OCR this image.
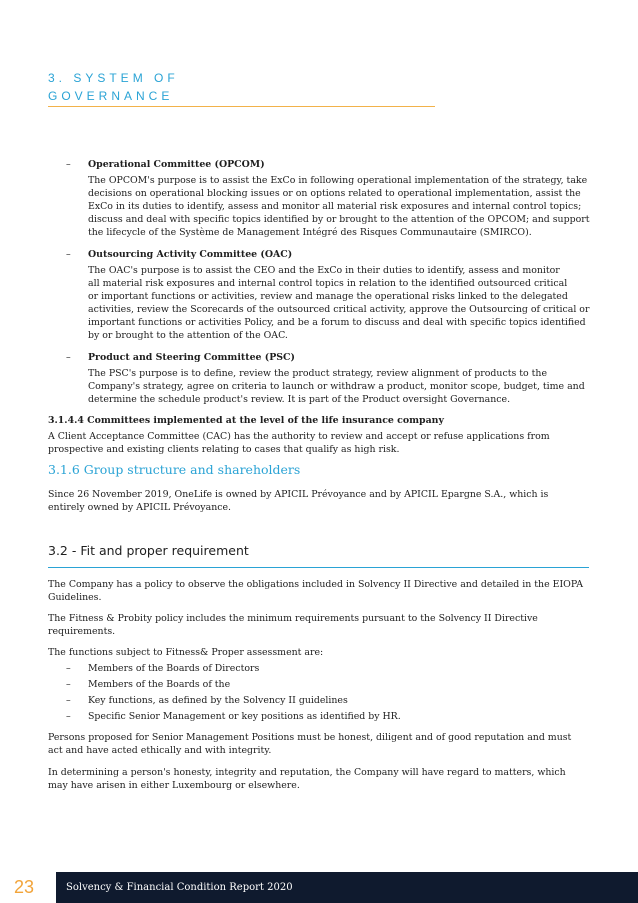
3. SYSTEM OF
GOVERNANCE
– Operational Committee (OPCOM)
The OPCOM's purpose is to assist the ExCo in following operational implementation of the strategy, take
decisions on operational blocking issues or on options related to operational implementation, assist the
ExCo in its duties to identify, assess and monitor all material risk exposures and internal control topics;
discuss and deal with specific topics identified by or brought to the attention of the OPCOM; and support
the lifecycle of the Système de Management Intégré des Risques Communautaire (SMIRCO).
– Outsourcing Activity Committee (OAC)
The OAC's purpose is to assist the CEO and the ExCo in their duties to identify, assess and monitor
all material risk exposures and internal control topics in relation to the identified outsourced critical
or important functions or activities, review and manage the operational risks linked to the delegated
activities, review the Scorecards of the outsourced critical activity, approve the Outsourcing of critical or
important functions or activities Policy, and be a forum to discuss and deal with specific topics identified
by or brought to the attention of the OAC.
– Product and Steering Committee (PSC)
The PSC's purpose is to define, review the product strategy, review alignment of products to the
Company's strategy, agree on criteria to launch or withdraw a product, monitor scope, budget, time and
determine the schedule product's review. It is part of the Product oversight Governance.
3.1.4.4 Committees implemented at the level of the life insurance company
A Client Acceptance Committee (CAC) has the authority to review and accept or refuse applications from
prospective and existing clients relating to cases that qualify as high risk.
3.1.6 Group structure and shareholders
Since 26 November 2019, OneLife is owned by APICIL Prévoyance and by APICIL Epargne S.A., which is
entirely owned by APICIL Prévoyance.
3.2 - Fit and proper requirement
The Company has a policy to observe the obligations included in Solvency II Directive and detailed in the EIOPA
Guidelines.
The Fitness & Probity policy includes the minimum requirements pursuant to the Solvency II Directive
requirements.
The functions subject to Fitness& Proper assessment are:
– Members of the Boards of Directors
– Members of the Boards of the
– Key functions, as defined by the Solvency II guidelines
– Specific Senior Management or key positions as identified by HR.
Persons proposed for Senior Management Positions must be honest, diligent and of good reputation and must
act and have acted ethically and with integrity.
In determining a person's honesty, integrity and reputation, the Company will have regard to matters, which
may have arisen in either Luxembourg or elsewhere.
23	Solvency & Financial Condition Report 2020
